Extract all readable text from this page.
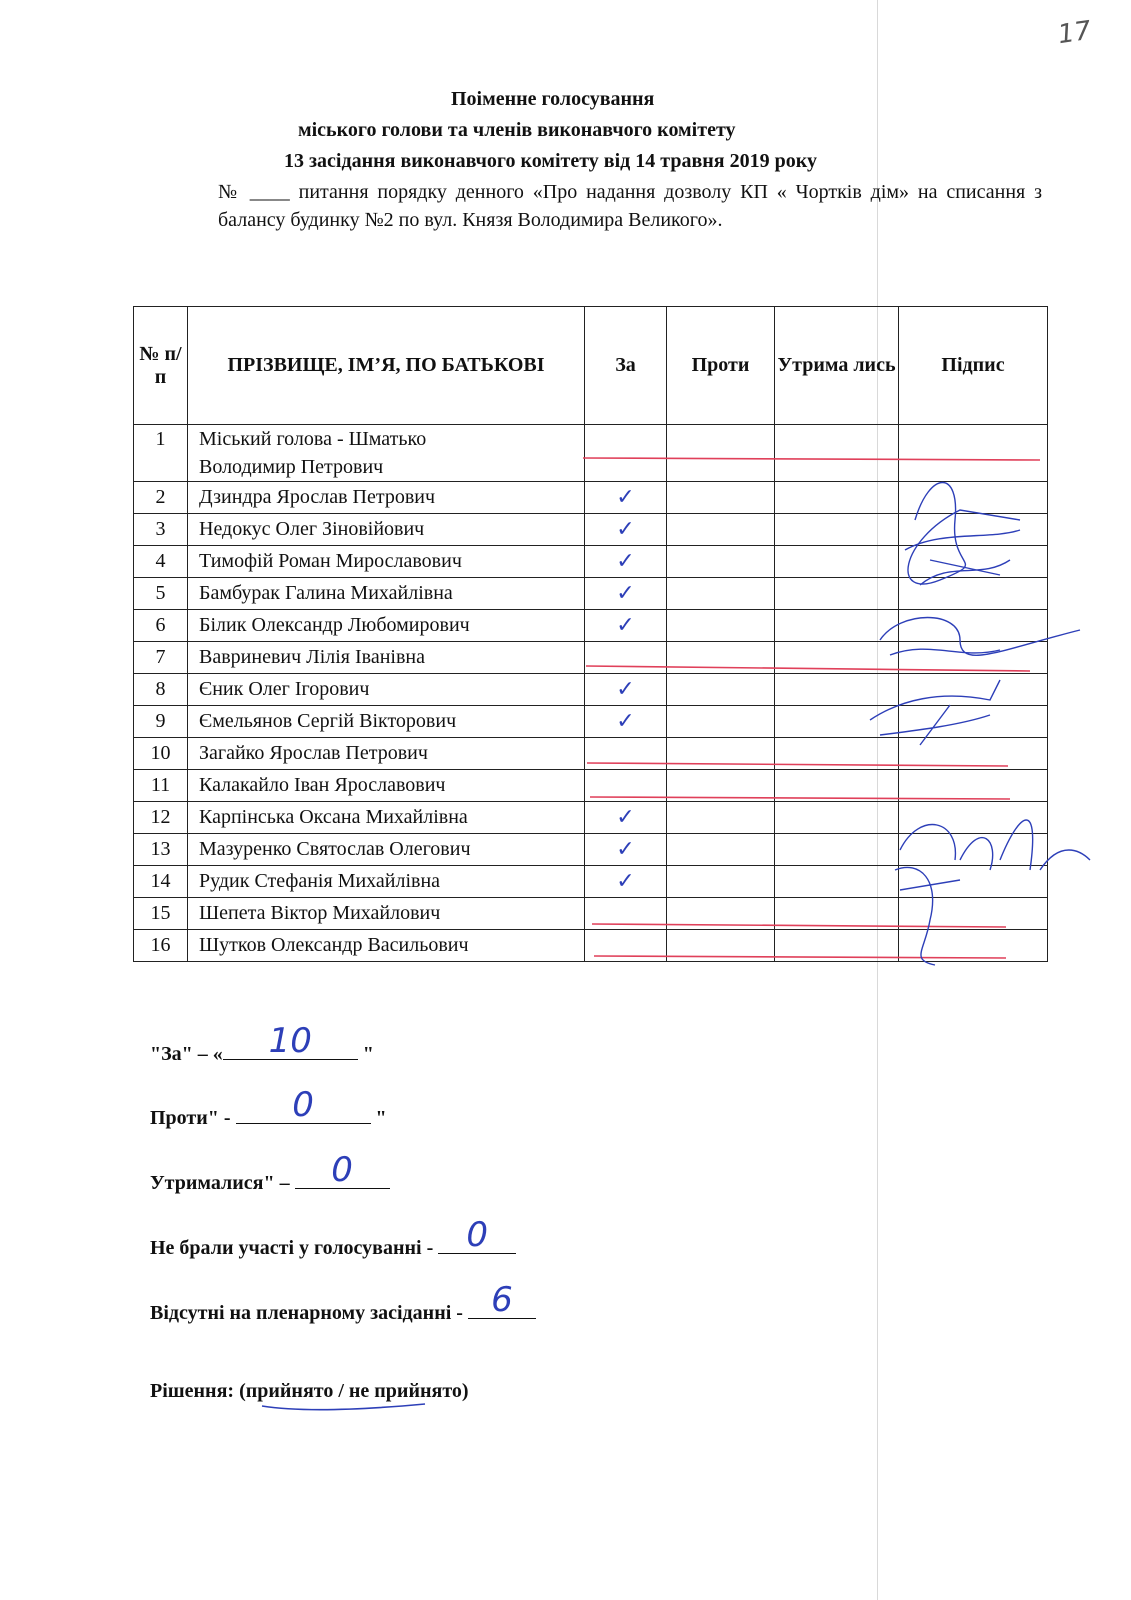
17
Поіменне голосування
міського голови та членів виконавчого комітету
13 засідання виконавчого комітету від 14 травня 2019 року
№ ____ питання порядку денного «Про надання дозволу КП « Чортків дім» на списання з балансу будинку №2 по вул. Князя Володимира Великого».
№ п/п	ПРІЗВИЩЕ, ІМ’Я, ПО БАТЬКОВІ	За	Проти	Утрима лись	Підпис
1	Міський голова - Шматько
Володимир Петрович	

2	Дзиндра Ярослав Петрович	✓			

3	Недокус Олег Зіновійович	✓			

4	Тимофій Роман Мирославович	✓			

5	Бамбурак Галина Михайлівна	✓			

6	Білик Олександр Любомирович	✓			

7	Вавриневич Лілія Іванівна	

8	Єник Олег Ігорович	✓			

9	Ємельянов Сергій Вікторович	✓			

10	Загайко Ярослав Петрович	

11	Калакайло Іван Ярославович	

12	Карпінська Оксана Михайлівна	✓			

13	Мазуренко Святослав Олегович	✓			

14	Рудик Стефанія Михайлівна	✓			

15	Шепета Віктор Михайлович	

16	Шутков Олександр Васильович	

"За" – «	10	"
Проти" -	0	"
Утрималися" –	0
Не брали участі у голосуванні - 0
Відсутні на пленарному засіданні - 6
Рішення: (прийнято / не прийнято)
